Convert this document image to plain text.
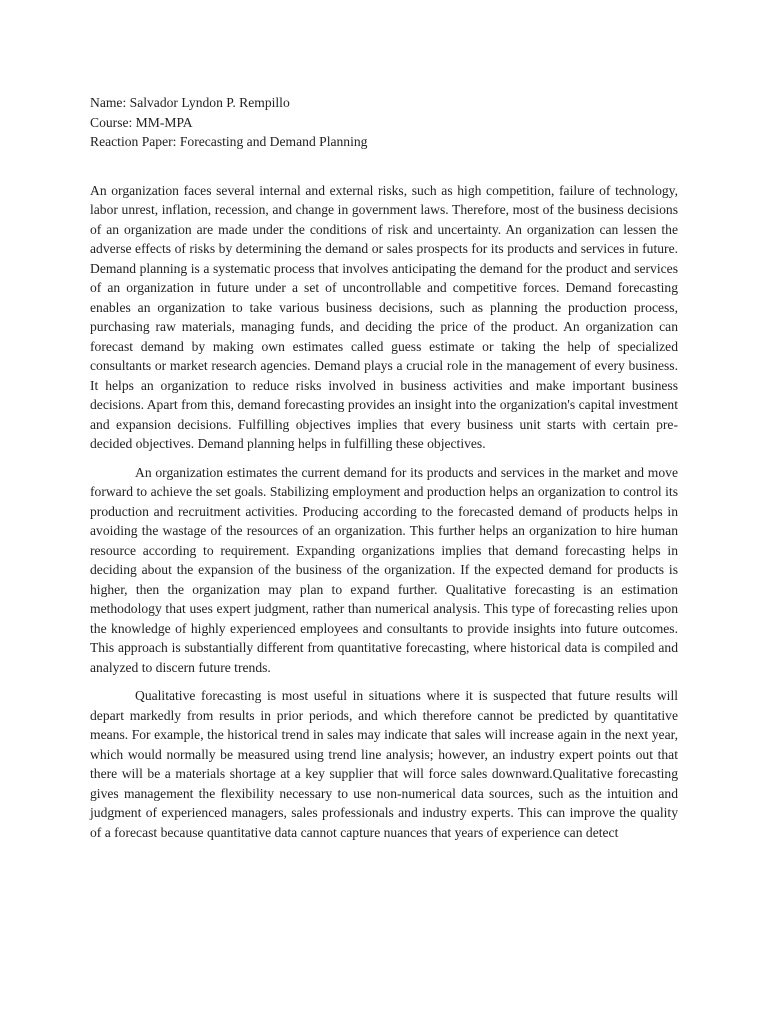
Name: Salvador Lyndon P. Rempillo

Course: MM-MPA

Reaction Paper: Forecasting and Demand Planning

An organization faces several internal and external risks, such as high competition, failure of technology, labor unrest, inflation, recession, and change in government laws. Therefore, most of the business decisions of an organization are made under the conditions of risk and uncertainty. An organization can lessen the adverse effects of risks by determining the demand or sales prospects for its products and services in future. Demand planning is a systematic process that involves anticipating the demand for the product and services of an organization in future under a set of uncontrollable and competitive forces. Demand forecasting enables an organization to take various business decisions, such as planning the production process, purchasing raw materials, managing funds, and deciding the price of the product. An organization can forecast demand by making own estimates called guess estimate or taking the help of specialized consultants or market research agencies. Demand plays a crucial role in the management of every business. It helps an organization to reduce risks involved in business activities and make important business decisions. Apart from this, demand forecasting provides an insight into the organization's capital investment and expansion decisions. Fulfilling objectives implies that every business unit starts with certain pre-decided objectives. Demand planning helps in fulfilling these objectives.

An organization estimates the current demand for its products and services in the market and move forward to achieve the set goals. Stabilizing employment and production helps an organization to control its production and recruitment activities. Producing according to the forecasted demand of products helps in avoiding the wastage of the resources of an organization. This further helps an organization to hire human resource according to requirement. Expanding organizations implies that demand forecasting helps in deciding about the expansion of the business of the organization. If the expected demand for products is higher, then the organization may plan to expand further. Qualitative forecasting is an estimation methodology that uses expert judgment, rather than numerical analysis. This type of forecasting relies upon the knowledge of highly experienced employees and consultants to provide insights into future outcomes. This approach is substantially different from quantitative forecasting, where historical data is compiled and analyzed to discern future trends.

Qualitative forecasting is most useful in situations where it is suspected that future results will depart markedly from results in prior periods, and which therefore cannot be predicted by quantitative means. For example, the historical trend in sales may indicate that sales will increase again in the next year, which would normally be measured using trend line analysis; however, an industry expert points out that there will be a materials shortage at a key supplier that will force sales downward.Qualitative forecasting gives management the flexibility necessary to use non-numerical data sources, such as the intuition and judgment of experienced managers, sales professionals and industry experts. This can improve the quality of a forecast because quantitative data cannot capture nuances that years of experience can detect
